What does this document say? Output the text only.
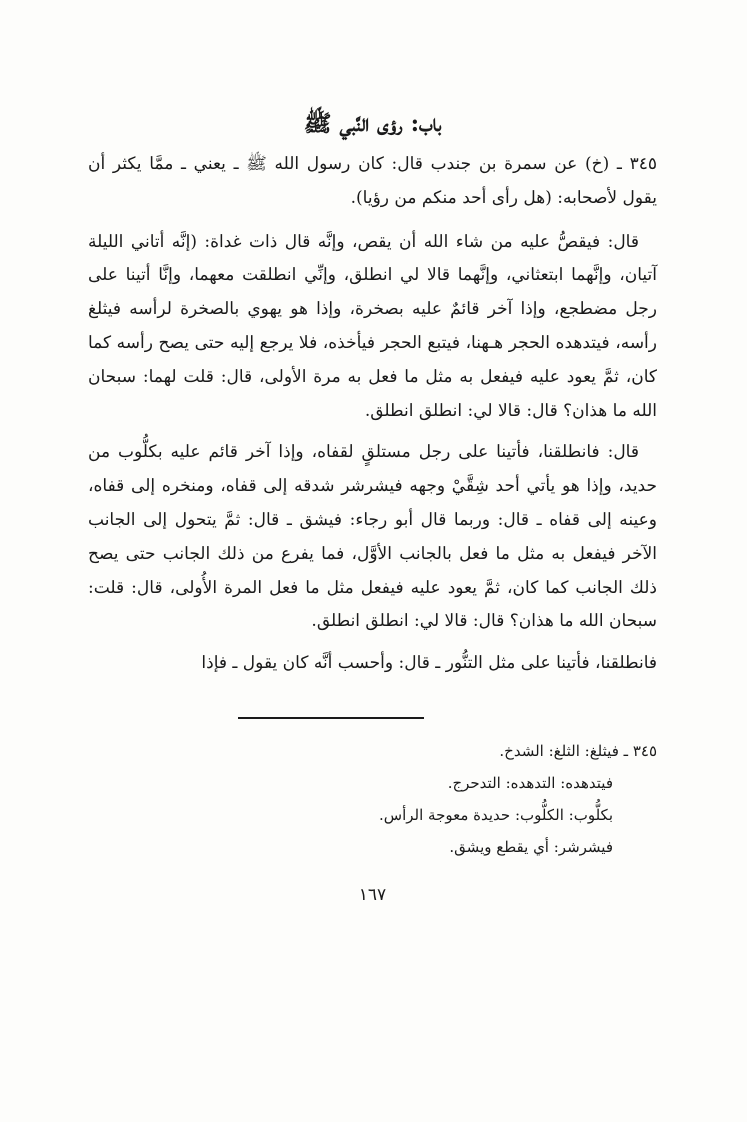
باب: رؤى النَّبي ﷺ

٣٤٥ ـ (خ) عن سمرة بن جندب قال: كان رسول الله ﷺ ـ يعني ـ ممَّا يكثر أن يقول لأصحابه: (هل رأى أحد منكم من رؤيا).

قال: فيقصُّ عليه من شاء الله أن يقص، وإنَّه قال ذات غداة: (إنَّه أتاني الليلة آتيان، وإنَّهما ابتعثاني، وإنَّهما قالا لي انطلق، وإنِّي انطلقت معهما، وإنَّا أتينا على رجل مضطجع، وإذا آخر قائمٌ عليه بصخرة، وإذا هو يهوي بالصخرة لرأسه فيثلغ رأسه، فيتدهده الحجر هـهنا، فيتبع الحجر فيأخذه، فلا يرجع إليه حتى يصح رأسه كما كان، ثمَّ يعود عليه فيفعل به مثل ما فعل به مرة الأولى، قال: قلت لهما: سبحان الله ما هذان؟ قال: قالا لي: انطلق انطلق.

قال: فانطلقنا، فأتينا على رجل مستلقٍ لقفاه، وإذا آخر قائم عليه بكلُّوب من حديد، وإذا هو يأتي أحد شِقَّيْ وجهه فيشرشر شدقه إلى قفاه، ومنخره إلى قفاه، وعينه إلى قفاه ـ قال: وربما قال أبو رجاء: فيشق ـ قال: ثمَّ يتحول إلى الجانب الآخر فيفعل به مثل ما فعل بالجانب الأوَّل، فما يفرع من ذلك الجانب حتى يصح ذلك الجانب كما كان، ثمَّ يعود عليه فيفعل مثل ما فعل المرة الأُولى، قال: قلت: سبحان الله ما هذان؟ قال: قالا لي: انطلق انطلق.

فانطلقنا، فأتينا على مثل التنُّور ـ قال: وأحسب أنَّه كان يقول ـ فإذا

٣٤٥ ـ فيثلغ: الثلغ: الشدخ.

فيتدهده: التدهده: التدحرج.

بكلُّوب: الكلُّوب: حديدة معوجة الرأس.

فيشرشر: أي يقطع ويشق.

١٦٧
